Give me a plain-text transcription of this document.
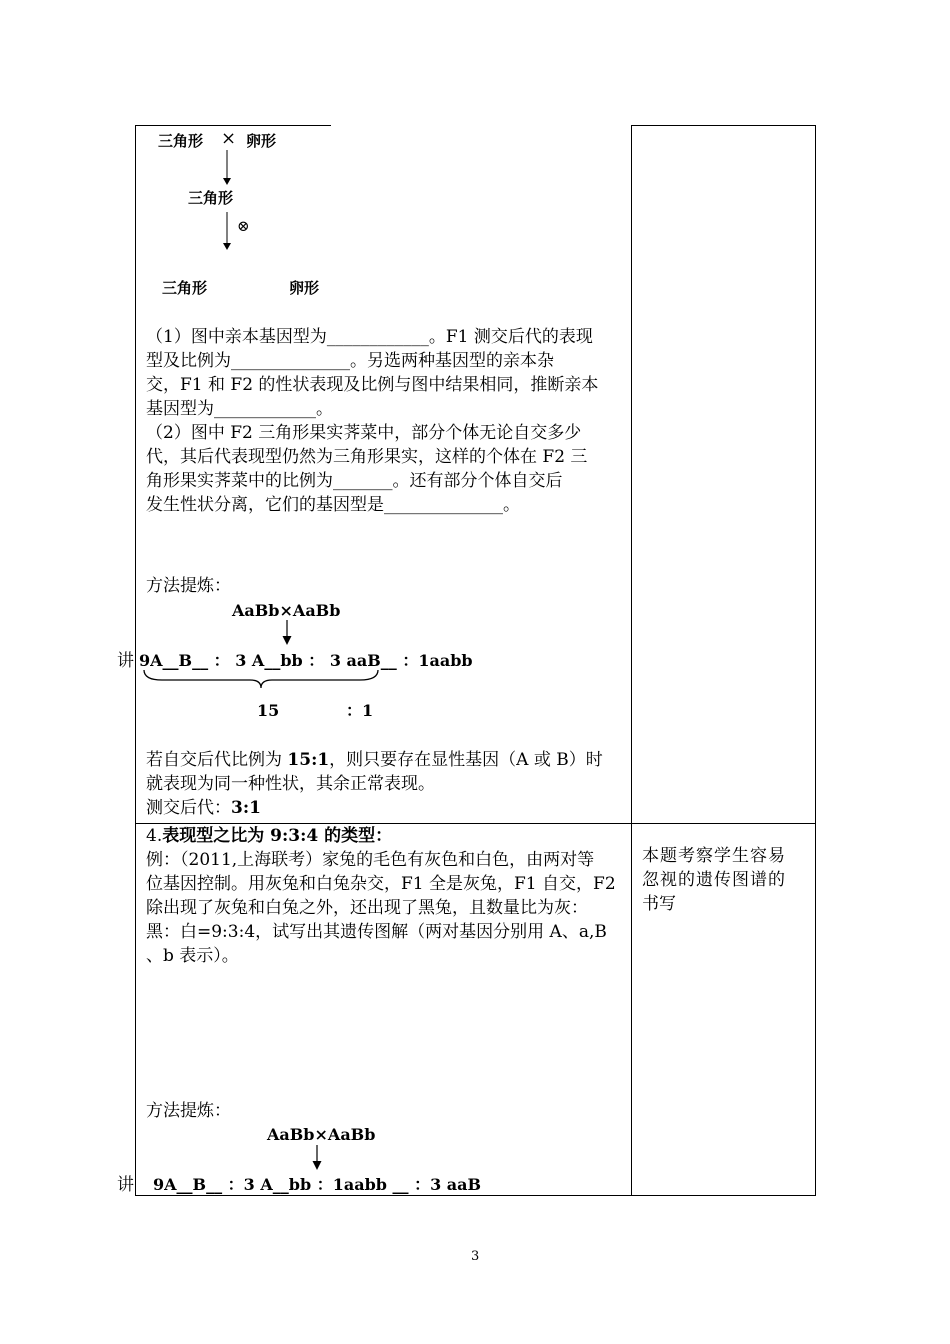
三角形 × 卵形
三角形
⊗
三角形	卵形

（1）图中亲本基因型为____________。F1 测交后代的表现

型及比例为______________。另选两种基因型的亲本杂

交，F1 和 F2 的性状表现及比例与图中结果相同，推断亲本

基因型为____________。

（2）图中 F2 三角形果实荠菜中，部分个体无论自交多少

代，其后代表现型仍然为三角形果实，这样的个体在 F2 三

角形果实荠菜中的比例为_______。还有部分个体自交后

发生性状分离，它们的基因型是______________。

方法提炼：
AaBb×AaBb
讲 9A__B__ ： 3 A__bb ： 3 aaB__ ：1aabb
15	：1

若自交后代比例为 15:1，则只要存在显性基因（A 或 B）时

就表现为同一种性状，其余正常表现。

测交后代：3:1

4.表现型之比为 9:3:4 的类型：

例：（2011,上海联考）家兔的毛色有灰色和白色，由两对等

位基因控制。用灰兔和白兔杂交，F1 全是灰兔，F1 自交，F2

除出现了灰兔和白兔之外，还出现了黑兔，且数量比为灰：

黑：白=9:3:4，试写出其遗传图解（两对基因分别用 A、a,B

、b 表示）。

本题考察学生容易
忽视的遗传图谱的
书写
方法提炼：
AaBb×AaBb
讲 9A__B__ ：3 A__bb ：1aabb __ ：3 aaB
3
